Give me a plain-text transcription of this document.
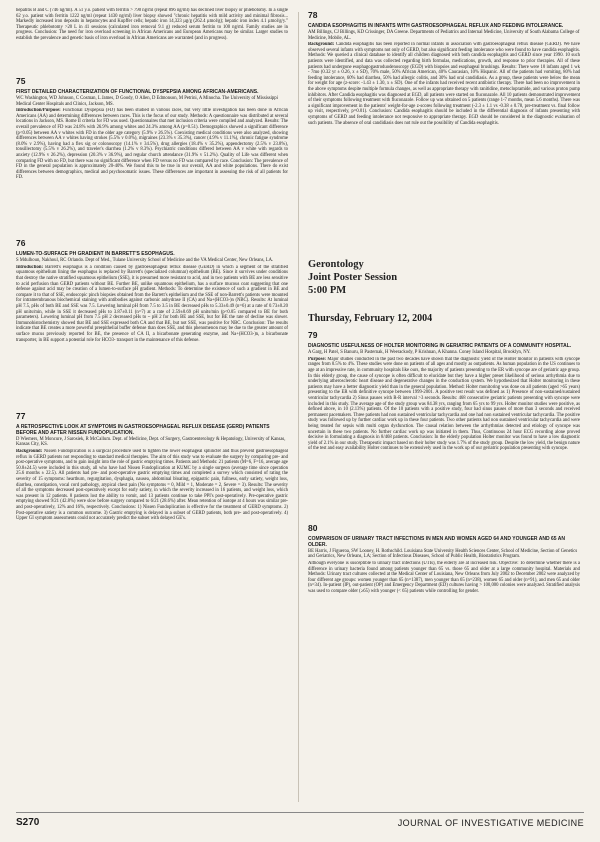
hepatitis B and C (746 ng/ml). A 51 y.o. patient with ferritin > 790 ng/ml (repeat 896 ng/ml) has declined liver biopsy or phlebotomy. In a single 62 y.o. patient with ferritin 1222 ng/ml (repeat 1430 ng/ml) liver biopsy showed "chronic hepatitis with mild activity and minimal fibrosis... Markedly increased iron deposits in hepatocytes and Kupffer cells; hepatic iron 14,323 µg/g (262.4 µmol/g); hepatic iron index 4.1 µmol/g/y." Therapeutic phlebotomy >20 L in 41 sessions (calculated iron removal 9.1 g) reduced serum ferritin to 100 ng/ml. Family studies are in progress. Conclusion: The need for iron overload screening in African Americans and European Americans may be similar. Larger studies to establish the prevalence and genetic basis of iron overload in African Americans are warranted (and in progress).

75
FIRST DETAILED CHARACTERIZATION OF FUNCTIONAL DYSPEPSIA AMONG AFRICAN-AMERICANS.
WC Washington, WD Johnson, C Cosman, L James, D Goody, O Allen, D Edmonson, M Petrini, A Minocha. The University of Mississippi Medical Center Hospitals and Clinics, Jackson, MS.

Introduction/Purpose: Functional Dyspepsia (FD) has been studied in various races, but very little investigation has been done in African Americans (AA) and determining differences between races. This is the focus of our study. Methods: A questionnaire was distributed at several locations in Jackson, MS. Rome II criteria for FD was used. Questionnaires that met inclusion criteria were compiled and analyzed. Results: The overall prevalence of FD was 24.8% with 26.9% among whites and 24.3% among AA (p=0.51). Demographics showed a significant difference (p<0.05) between AA v whites with FD in the older age category (5.9% v 26.5%). Coexisting medical conditions were also analyzed, showing differences between AA v whites having strokes (5.5% v 0.0%), migraines (23.3% v 35.3%), cancer (4.9% v 11.1%), chronic fatigue syndrome (8.0% v 2.9%), having had a flex sig or colonoscopy (14.1% v 34.5%), drug allergies (18.4% v 35.2%), appendectomy (2.5% v 23.8%), tonsillectomy (5.5% v 26.2%), and traveler's diarrhea (1.2% v 8.3%). Psychiatric conditions differed between AA v white with regards to anxiety (12.9% v 26.2%), depression (20.3% v 36.9%), and regular church attendance (31.9% v 51.2%). Quality of Life was different when comparing FD with no FD, but there was no significant difference when FD versus no FD was compared by race. Conclusion: The prevalence of FD in the general population is approximately 20-40%. We found this to be true in our overall, AA and white populations. There do exist differences between demographics, medical and psychosomatic issues. These differences are important in assessing the risk of all patients for FD.

76
LUMEN-TO-SURFACE PH GRADIENT IN BARRETT'S ESOPHAGUS.
S Mdulhoun, Nakhoul, RC Orlando. Dept of Med., Tulane University School of Medicine and the VA Medical Center, New Orleans, LA.

Introduction: Barrett's esophagus is a condition caused by gastroesophageal reflux disease (GERD) in which a segment of the stratified squamous epithelium lining the esophagus is replaced by Barrett's (specialized columnar) epithelium (BE). Since it survives under conditions that destroy the native stratified squamous epithelium (SSE), it is presumed more resistant to acid, and in two patients with BE are less sensitive to acid perfusion than GERD patients without BE. Further BE, unlike squamous epithelium, has a surface mucous coat suggesting that one defense against acid may be creation of a lumen-to-surface pH gradient. Methods: To determine the existence of such a gradient in BE and compare it to that of SSE, endoscopic pinch biopsies obtained from the Barrett's epithelium and the SSE of non-Barrett's patients were mounted for intramembranous biochemical staining with antibodies against carbonic anhydrase II (CA) and Na+(HCO3-)n (NBC). Results: At luminal pH 7.5, pHs of both BE and SSE was 7.5. Lowering luminal pH from 7.5 to 3.5 in BE decreased pHs to 5.33±0.49 (n=6) at a rate of 0.73±0.20 pH units/min, while in SSE it decreased pHs to 3.87±0.11 (n=7) at a rate of 2.59±0.69 pH units/min (p<0.05 compared to BE for both parameters). Lowering luminal pH from 7.5 pH 2 decreased pHs to ~ pH 2 for both BE and SSE, but for BE the rate of decline was slower. Immunohistochemistry showed that BE and SSE expressed both CA and that BE, but not SSE, was positive for NBC. Conclusion: The results indicate that BE creates a more powerful preepithelial buffer defense than does SSE, and this phenomenon may be due to the greater amount of surface mucus previously reported for BE, the presence of CA II, a bicarbonate generating enzyme, and Na+(HCO3-)n, a bicarbonate transporter, in BE support a potential role for HCO3- transport in the maintenance of this defense.

77
A RETROSPECTIVE LOOK AT SYMPTOMS IN GASTROESOPHAGEAL REFLUX DISEASE (GERD) PATIENTS BEFORE AND AFTER NISSEN FUNDOPLICATION.
D Wiemers, M Moncure, J Sarosiek, R McCallum. Dept. of Medicine, Dept. of Surgery, Gastroenterology & Hepatology, University of Kansas, Kansas City, KS.

Background: Nissen Fundoplication is a surgical procedure used to tighten the lower esophageal sphincter and thus prevent gastroesophageal reflux in GERD patients not responding to standard medical therapies. The aim of this study was to evaluate the surgery by comparing pre- and post-operative symptoms, and to gain insight into the role of gastric emptying times. Patients and Methods: 21 patients (M=6, F=16, average age 50.8±24.5) were included in this study, all who have had Nissen Fundoplication at KUMC by a single surgeon (average time since operation 25.6 months ± 22.5). All patients had pre- and post-operative gastric emptying times and completed a survey which consisted of rating the severity of 15 symptoms: heartburn, regurgitation, dysphagia, nausea, abdominal bloating, epigastric pain, fullness, early satiety, weight loss, diarrhea, constipation, vocal cord pathology, atypical chest pain (No symptoms = 0, Mild = 1, Moderate = 2, Severe = 3). Results: The severity of all the symptoms decreased post-operatively except for early satiety, in which the severity increased in 16 patients, and weight loss, which was present in 12 patients. 8 patients lost the ability to vomit, and 13 patients continue to take PPI's post-operatively. Pre-operative gastric emptying showed 9/21 (42.8%) were slow before surgery compared to 6/21 (28.6%) after. Mean retention of isotope at 4 hours was similar pre- and post-operatively, 12% and 16%, respectively. Conclusions: 1) Nissen Fundoplication is effective for the treatment of GERD symptoms. 2) Post-operative satiety is a common outcome. 3) Gastric emptying is delayed in a subset of GERD patients, both pre- and post-operatively. 4) Upper GI symptom assessments could not accurately predict the subset with delayed GE's.

78
CANDIDA ESOPHAGITIS IN INFANTS WITH GASTROESOPHAGEAL REFLUX AND FEEDING INTOLERANCE.
AM Billings, CJ Billings, KD Crissinger, DA Greene. Departments of Pediatrics and Internal Medicine, University of South Alabama College of Medicine, Mobile, AL.

Background: Candida esophagitis has been reported in normal infants in association with gastroesophageal reflux disease (GERD). We have observed several infants with symptoms not only of GERD, but also significant feeding intolerance who were found to have candida esophagitis. Methods: We queried a clinical database to identify all children diagnosed with both candida esophagitis and GERD since year 1990. 10 such patients were identified, and data was collected regarding birth formulas, medications, growth, and response to prior therapies. All of these patients had undergone esophagogastroduodenoscopy (EGD) with biopsies and esophageal brushings. Results: There were 10 infants aged 1 wk - 7mo (0.32 yr ± 0.26, x ± SD), 70% male, 50% African American, 40% Caucasian, 10% Hispanic. All of the patients had vomiting, 80% had feeding intolerance, 60% had diarrhea, 50% had allergic colitis, and 30% had oral candidiasis. As a group, these patients were below the mean for weight for age (z-score: -1.43 ± 1.30, x ± SD). One of the infants had received recent antibiotic therapy. There had been no improvement in the above symptoms despite multiple formula changes, as well as appropriate therapy with ranitidine, metoclopramide, and various proton pump inhibitors. After Candida esophagitis was diagnosed at EGD, all patients were started on fluconazole. All 10 patients demonstrated improvement of their symptoms following treatment with fluconazole. Follow up was obtained on 5 patients (range 1-7 months, mean 5.6 months). There was a significant improvement in the patients' weight-for-age z-scores following treatment (-2.3 ± 1.1 vs -0.38 ± 0.78, pre-treatment vs. final follow up visit, respectively, p=0.01). Conclusion: Candida esophagitis should be included in the differential diagnosis of infants presenting with symptoms of GERD and feeding intolerance not responsive to appropriate therapy. EGD should be considered in the diagnostic evaluation of such patients. The absence of oral candidiasis does not rule out the possibility of Candida esophagitis.

Gerontology
Joint Poster Session
5:00 PM
Thursday, February 12, 2004
79
DIAGNOSTIC USEFULNESS OF HOLTER MONITORING IN GERIATRIC PATIENTS OF A COMMUNITY HOSPITAL.
A Garg, H Patel, S Banuru, B Pasternak, H Weerackody, P Krishnan, A Khanna. Coney Island Hospital, Brooklyn, NY.

Purpose: Major studies conducted in the past two decades have shown that the diagnostic yield of the Holter monitor in patients with syncope ranges from 0.5% to 4%. These studies were done on patients of all ages and mostly as outpatients. As human population in the US continues to age at an impressive rate, in community hospitals like ours, the majority of patients presenting to the ER with syncope are of geriatric age group. In this elderly group, the cause of syncope is often difficult to elucidate but they have a higher preset likelihood of serious arrhythmia due to underlying atherosclerotic heart disease and degenerative changes in the conduction system. We hypothesized that Holter monitoring in these patients may have a better diagnostic yield than in the general population. Method: Holter monitoring was done on all patients (aged >65 years) presenting to the ER with definitive syncope between 1999-2001. A positive test result was defined as 1) Presence of non-sustained/sustained ventricular tachycardia 2) Sinus pauses with R-R interval >3 seconds. Results: 468 consecutive geriatric patients presenting with syncope were included in this study. The average age of the study group was 84.38 yrs, ranging from 65 yrs to 99 yrs. Holter monitor studies were positive, as defined above, in 10 (2.13%) patients. Of the 10 patients with a positive study, four had sinus pauses of more than 3 seconds and received permanent pacemakers. Three patients had non sustained ventricular tachycardia and one had non sustained ventricular tachycardia. The positive study was followed up by further cardiac work up in these four patients. Two other patients had non sustained ventricular tachycardia and were being treated for sepsis with multi organ dysfunction. The causal relation between the arrhythmias detected and etiology of syncope was uncertain in these two patients. No further cardiac work up was initiated in them. Thus, Continuous 24 hour ECG recording alone proved decisive in formulating a diagnosis in 8/468 patients. Conclusion: In the elderly population Holter monitor was found to have a low diagnostic yield of 2.1% in our study. Therapeutic impact based on their holter study was 1.7% of the study group. Despite the low yield, the benign nature of the test and easy availability Holter continues to be extensively used in the work up of our geriatric population presenting with syncope.

80
COMPARISON OF URINARY TRACT INFECTIONS IN MEN AND WOMEN AGED 64 AND YOUNGER AND 65 AN OLDER.
BE Harris, J Figueroa, SW Looney, H. Rothschild. Louisiana State University Health Sciences Center, School of Medicine, Section of Genetics and Geriatrics, New Orleans, LA; Section of Infectious Diseases, School of Public Health, Biostatistics Program.

Although everyone is susceptible to urinary tract infections (UTIs), the elderly are at increased risk. Objective: To determine whether there is a difference in urinary bacteria found among patients younger than 65 vs. those 65 and older at a large community hospital. Materials and Methods: Urinary tract cultures collected at the Medical Center of Louisiana, New Orleans from July 2002 to December 2002 were analyzed by four different age groups: women younger than 65 (n=1387), men younger than 65 (n=238), women 65 and older (n=91), and men 65 and older (n=34). In-patient (IP), out-patient (OP) and Emergency Department (ED) cultures having > 100,000 colonies were analyzed. Stratified analysis was used to compare older (≥65) with younger (< 65) patients while controlling for gender.

S270	JOURNAL OF INVESTIGATIVE MEDICINE
